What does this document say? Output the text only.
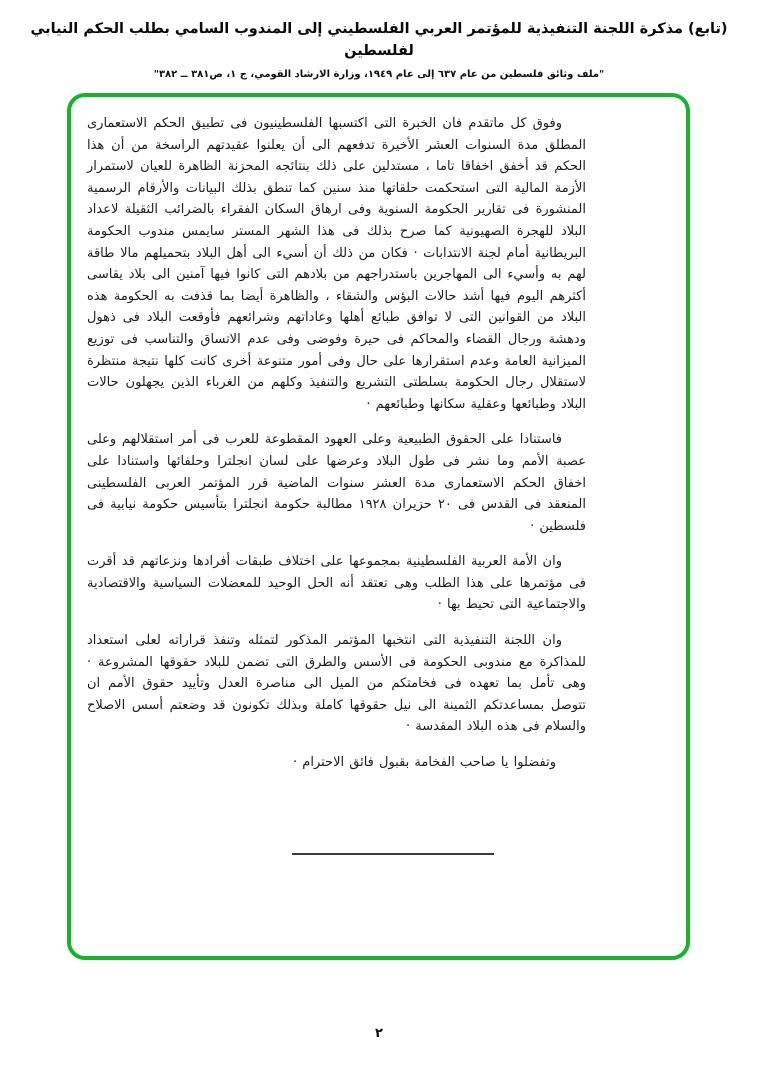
(تابع) مذكرة اللجنة التنفيذية للمؤتمر العربي الفلسطيني إلى المندوب السامي بطلب الحكم النيابي لفلسطين
"ملف وثائق فلسطين من عام ٦٣٧ إلى عام ١٩٤٩، وزارة الارشاد القومي، ج ١، ص٣٨١ ــ ٣٨٢"

وفوق كل ماتقدم فان الخبرة التى اكتسبها الفلسطينيون فى تطبيق الحكم الاستعمارى المطلق مدة السنوات العشر الأخيرة تدفعهم الى أن يعلنوا عقيدتهم الراسخة من أن هذا الحكم قد أخفق اخفاقا تاما ، مستدلين على ذلك بنتائجه المحزنة الظاهرة للعيان لاستمرار الأزمة المالية التى استحكمت حلقاتها منذ سنين كما تنطق بذلك البيانات والأرقام الرسمية المنشورة فى تقارير الحكومة السنوية وفى ارهاق السكان الفقراء بالضرائب الثقيلة لاعداد البلاد للهجرة الصهيونية كما صرح بذلك فى هذا الشهر المستر سايمس مندوب الحكومة البريطانية أمام لجنة الانتدابات · فكان من ذلك أن أسيء الى أهل البلاد بتحميلهم مالا طاقة لهم به وأسيء الى المهاجرين باستدراجهم من بلادهم التى كانوا فيها آمنين الى بلاد يقاسى أكثرهم اليوم فيها أشد حالات البؤس والشقاء ، والظاهرة أيضا بما قذفت به الحكومة هذه البلاد من القوانين التى لا توافق طبائع أهلها وعاداتهم وشرائعهم فأوقعت البلاد فى ذهول ودهشة ورجال القضاء والمحاكم فى حيرة وفوضى وفى عدم الاتساق والتناسب فى توزيع الميزانية العامة وعدم استقرارها على حال وفى أمور متنوعة أخرى كانت كلها نتيجة منتظرة لاستقلال رجال الحكومة بسلطتى التشريع والتنفيذ وكلهم من الغرباء الذين يجهلون حالات البلاد وطبائعها وعقلية سكانها وطبائعهم ·

فاستنادا على الحقوق الطبيعية وعلى العهود المقطوعة للعرب فى أمر استقلالهم وعلى عصبة الأمم وما نشر فى طول البلاد وعرضها على لسان انجلترا وحلفائها واستنادا على اخفاق الحكم الاستعمارى مدة العشر سنوات الماضية قرر المؤتمر العربى الفلسطينى المنعقد فى القدس فى ٢٠ حزيران ١٩٢٨ مطالبة حكومة انجلترا بتأسيس حكومة نيابية فى فلسطين ·

وان الأمة العربية الفلسطينية بمجموعها على اختلاف طبقات أفرادها ونزعاتهم قد أقرت فى مؤتمرها على هذا الطلب وهى تعتقد أنه الحل الوحيد للمعضلات السياسية والاقتصادية والاجتماعية التى تحيط بها ·

وان اللجنة التنفيذية التى انتخبها المؤتمر المذكور لتمثله وتنفذ قراراته لعلى استعداد للمذاكرة مع مندوبى الحكومة فى الأسس والطرق التى تضمن للبلاد حقوقها المشروعة · وهى تأمل بما تعهده فى فخامتكم من الميل الى مناصرة العدل وتأييد حقوق الأمم ان تتوصل بمساعدتكم الثمينة الى نيل حقوقها كاملة وبذلك تكونون قد وضعتم أسس الاصلاح والسلام فى هذه البلاد المقدسة ·

وتفضلوا يا صاحب الفخامة بقبول فائق الاحترام ·

٢
